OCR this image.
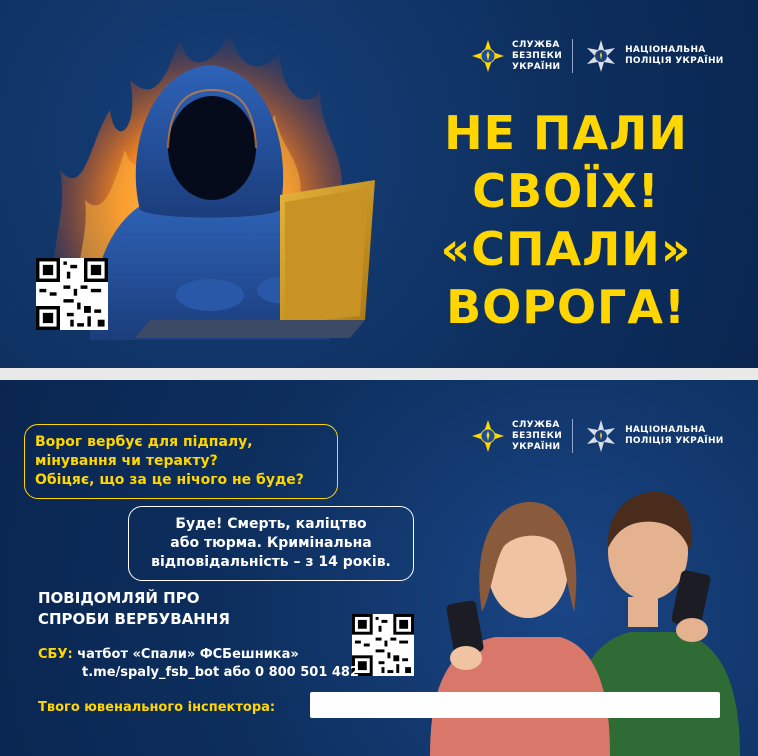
СЛУЖБА
БЕЗПЕКИ
УКРАЇНИ
НАЦІОНАЛЬНА
ПОЛІЦІЯ УКРАЇНИ
НЕ ПАЛИ
СВОЇХ!
«СПАЛИ»
ВОРОГА!
СЛУЖБА
БЕЗПЕКИ
УКРАЇНИ
НАЦІОНАЛЬНА
ПОЛІЦІЯ УКРАЇНИ
Ворог вербує для підпалу,
мінування чи теракту?
Обіцяє, що за це нічого не буде?
Буде! Смерть, каліцтво
або тюрма. Кримінальна
відповідальність – з 14 років.
ПОВІДОМЛЯЙ ПРО
СПРОБИ ВЕРБУВАННЯ
СБУ: чатбот «Спали» ФСБешника»
t.me/spaly_fsb_bot або 0 800 501 482
Твого ювенального інспектора:
